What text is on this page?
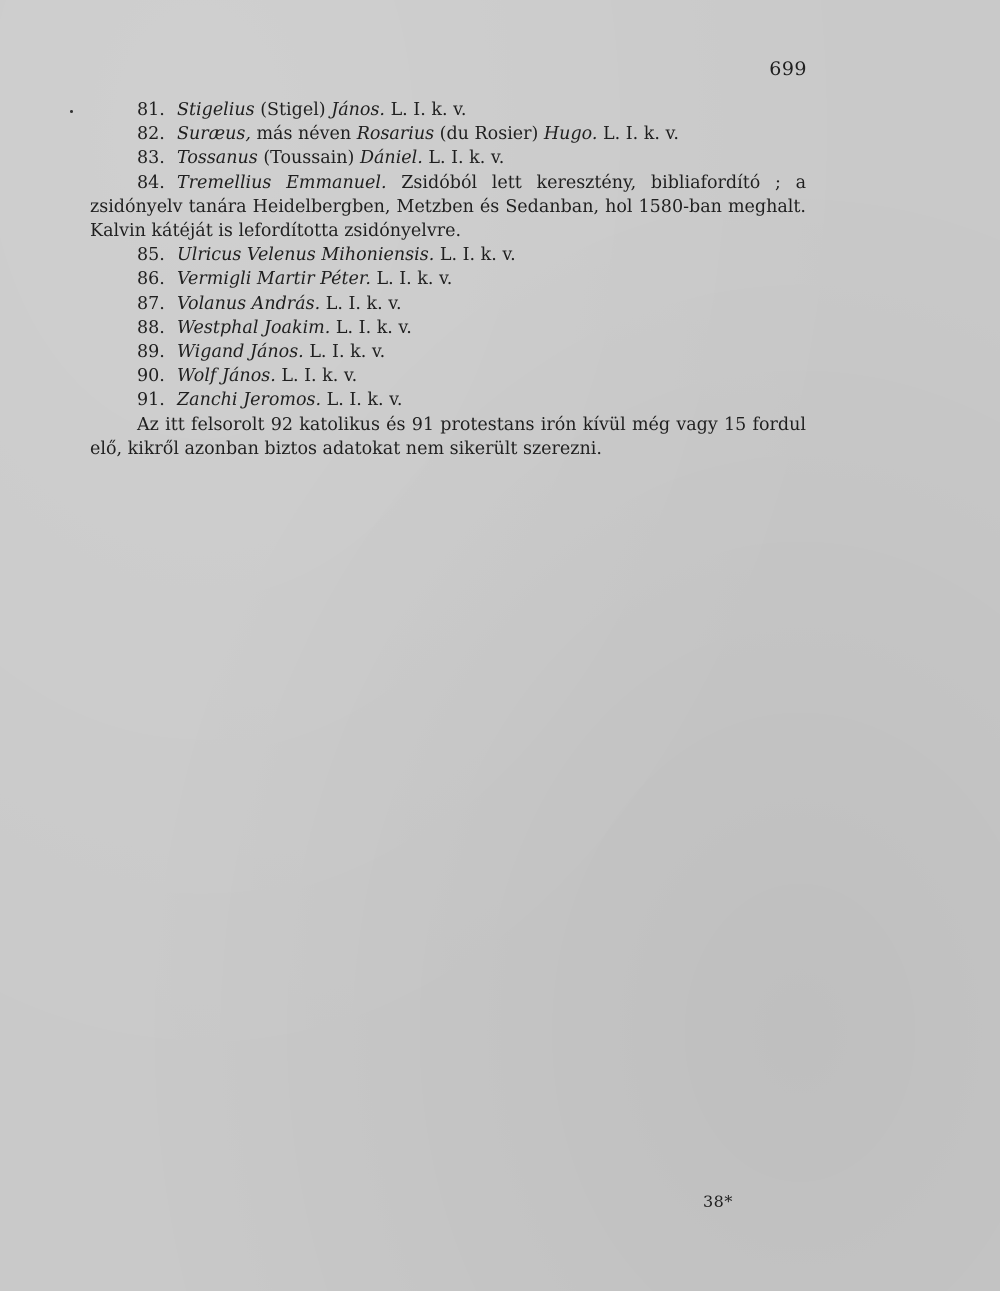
699

81. Stigelius (Stigel) János. L. I. k. v.

82. Suræus, más néven Rosarius (du Rosier) Hugo. L. I. k. v.

83. Tossanus (Toussain) Dániel. L. I. k. v.

84. Tremellius Emmanuel. Zsidóból lett keresztény, bibliafordító ; a zsidónyelv tanára Heidelbergben, Metzben és Sedanban, hol 1580-ban meghalt. Kalvin kátéját is lefordította zsidónyelvre.

85. Ulricus Velenus Mihoniensis. L. I. k. v.

86. Vermigli Martir Péter. L. I. k. v.

87. Volanus András. L. I. k. v.

88. Westphal Joakim. L. I. k. v.

89. Wigand János. L. I. k. v.

90. Wolf János. L. I. k. v.

91. Zanchi Jeromos. L. I. k. v.

Az itt felsorolt 92 katolikus és 91 protestans irón kívül még vagy 15 fordul elő, kikről azonban biztos adatokat nem sikerült szerezni.

38*
